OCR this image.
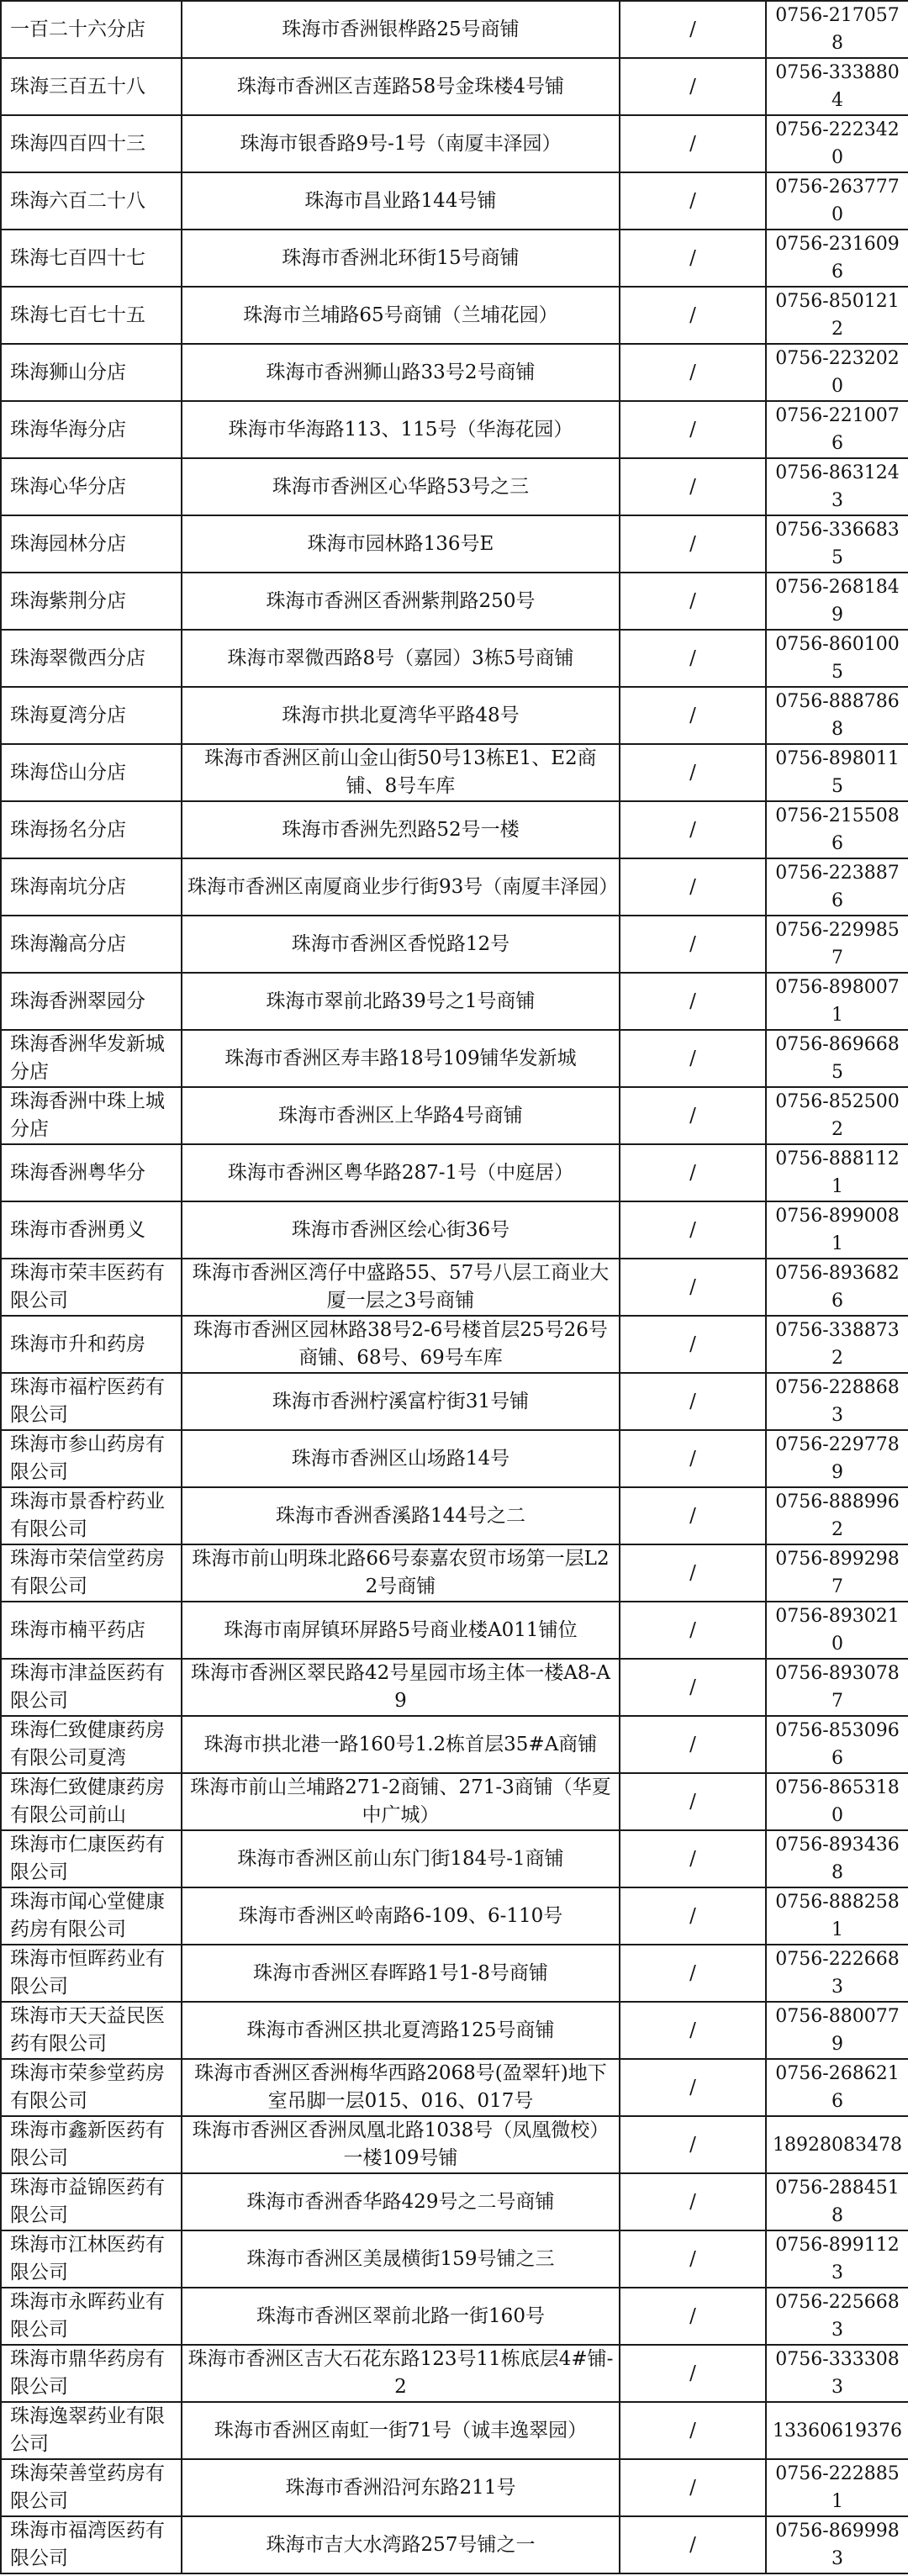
一百二十六分店	珠海市香洲银桦路25号商铺	/	0756-2170578
珠海三百五十八	珠海市香洲区吉莲路58号金珠楼4号铺	/	0756-3338804
珠海四百四十三	珠海市银香路9号-1号（南厦丰泽园）	/	0756-2223420
珠海六百二十八	珠海市昌业路144号铺	/	0756-2637770
珠海七百四十七	珠海市香洲北环街15号商铺	/	0756-2316096
珠海七百七十五	珠海市兰埔路65号商铺（兰埔花园）	/	0756-8501212
珠海狮山分店	珠海市香洲狮山路33号2号商铺	/	0756-2232020
珠海华海分店	珠海市华海路113、115号（华海花园）	/	0756-2210076
珠海心华分店	珠海市香洲区心华路53号之三	/	0756-8631243
珠海园林分店	珠海市园林路136号E	/	0756-3366835
珠海紫荆分店	珠海市香洲区香洲紫荆路250号	/	0756-2681849
珠海翠微西分店	珠海市翠微西路8号（嘉园）3栋5号商铺	/	0756-8601005
珠海夏湾分店	珠海市拱北夏湾华平路48号	/	0756-8887868
珠海岱山分店	珠海市香洲区前山金山街50号13栋E1、E2商铺、8号车库	/	0756-8980115
珠海扬名分店	珠海市香洲先烈路52号一楼	/	0756-2155086
珠海南坑分店	珠海市香洲区南厦商业步行街93号（南厦丰泽园）	/	0756-2238876
珠海瀚高分店	珠海市香洲区香悦路12号	/	0756-2299857
珠海香洲翠园分	珠海市翠前北路39号之1号商铺	/	0756-8980071
珠海香洲华发新城分店	珠海市香洲区寿丰路18号109铺华发新城	/	0756-8696685
珠海香洲中珠上城分店	珠海市香洲区上华路4号商铺	/	0756-8525002
珠海香洲粤华分	珠海市香洲区粤华路287-1号（中庭居）	/	0756-8881121
珠海市香洲勇义	珠海市香洲区绘心街36号	/	0756-8990081
珠海市荣丰医药有限公司	珠海市香洲区湾仔中盛路55、57号八层工商业大厦一层之3号商铺	/	0756-8936826
珠海市升和药房	珠海市香洲区园林路38号2-6号楼首层25号26号商铺、68号、69号车库	/	0756-3388732
珠海市福柠医药有限公司	珠海市香洲柠溪富柠街31号铺	/	0756-2288683
珠海市参山药房有限公司	珠海市香洲区山场路14号	/	0756-2297789
珠海市景香柠药业有限公司	珠海市香洲香溪路144号之二	/	0756-8889962
珠海市荣信堂药房有限公司	珠海市前山明珠北路66号泰嘉农贸市场第一层L22号商铺	/	0756-8992987
珠海市楠平药店	珠海市南屏镇环屏路5号商业楼A011铺位	/	0756-8930210
珠海市津益医药有限公司	珠海市香洲区翠民路42号星园市场主体一楼A8-A9	/	0756-8930787
珠海仁致健康药房有限公司夏湾	珠海市拱北港一路160号1.2栋首层35#A商铺	/	0756-8530966
珠海仁致健康药房有限公司前山	珠海市前山兰埔路271-2商铺、271-3商铺（华夏中广城）	/	0756-8653180
珠海市仁康医药有限公司	珠海市香洲区前山东门街184号-1商铺	/	0756-8934368
珠海市闻心堂健康药房有限公司	珠海市香洲区岭南路6-109、6-110号	/	0756-8882581
珠海市恒晖药业有限公司	珠海市香洲区春晖路1号1-8号商铺	/	0756-2226683
珠海市天天益民医药有限公司	珠海市香洲区拱北夏湾路125号商铺	/	0756-8800779
珠海市荣参堂药房有限公司	珠海市香洲区香洲梅华西路2068号(盈翠轩)地下室吊脚一层015、016、017号	/	0756-2686216
珠海市鑫新医药有限公司	珠海市香洲区香洲凤凰北路1038号（凤凰微校）一楼109号铺	/	18928083478
珠海市益锦医药有限公司	珠海市香洲香华路429号之二号商铺	/	0756-2884518
珠海市江林医药有限公司	珠海市香洲区美晟横街159号铺之三	/	0756-8991123
珠海市永晖药业有限公司	珠海市香洲区翠前北路一街160号	/	0756-2256683
珠海市鼎华药房有限公司	珠海市香洲区吉大石花东路123号11栋底层4#铺-2	/	0756-3333083
珠海逸翠药业有限公司	珠海市香洲区南虹一街71号（诚丰逸翠园）	/	13360619376
珠海荣善堂药房有限公司	珠海市香洲沿河东路211号	/	0756-2228851
珠海市福湾医药有限公司	珠海市吉大水湾路257号铺之一	/	0756-8699983
